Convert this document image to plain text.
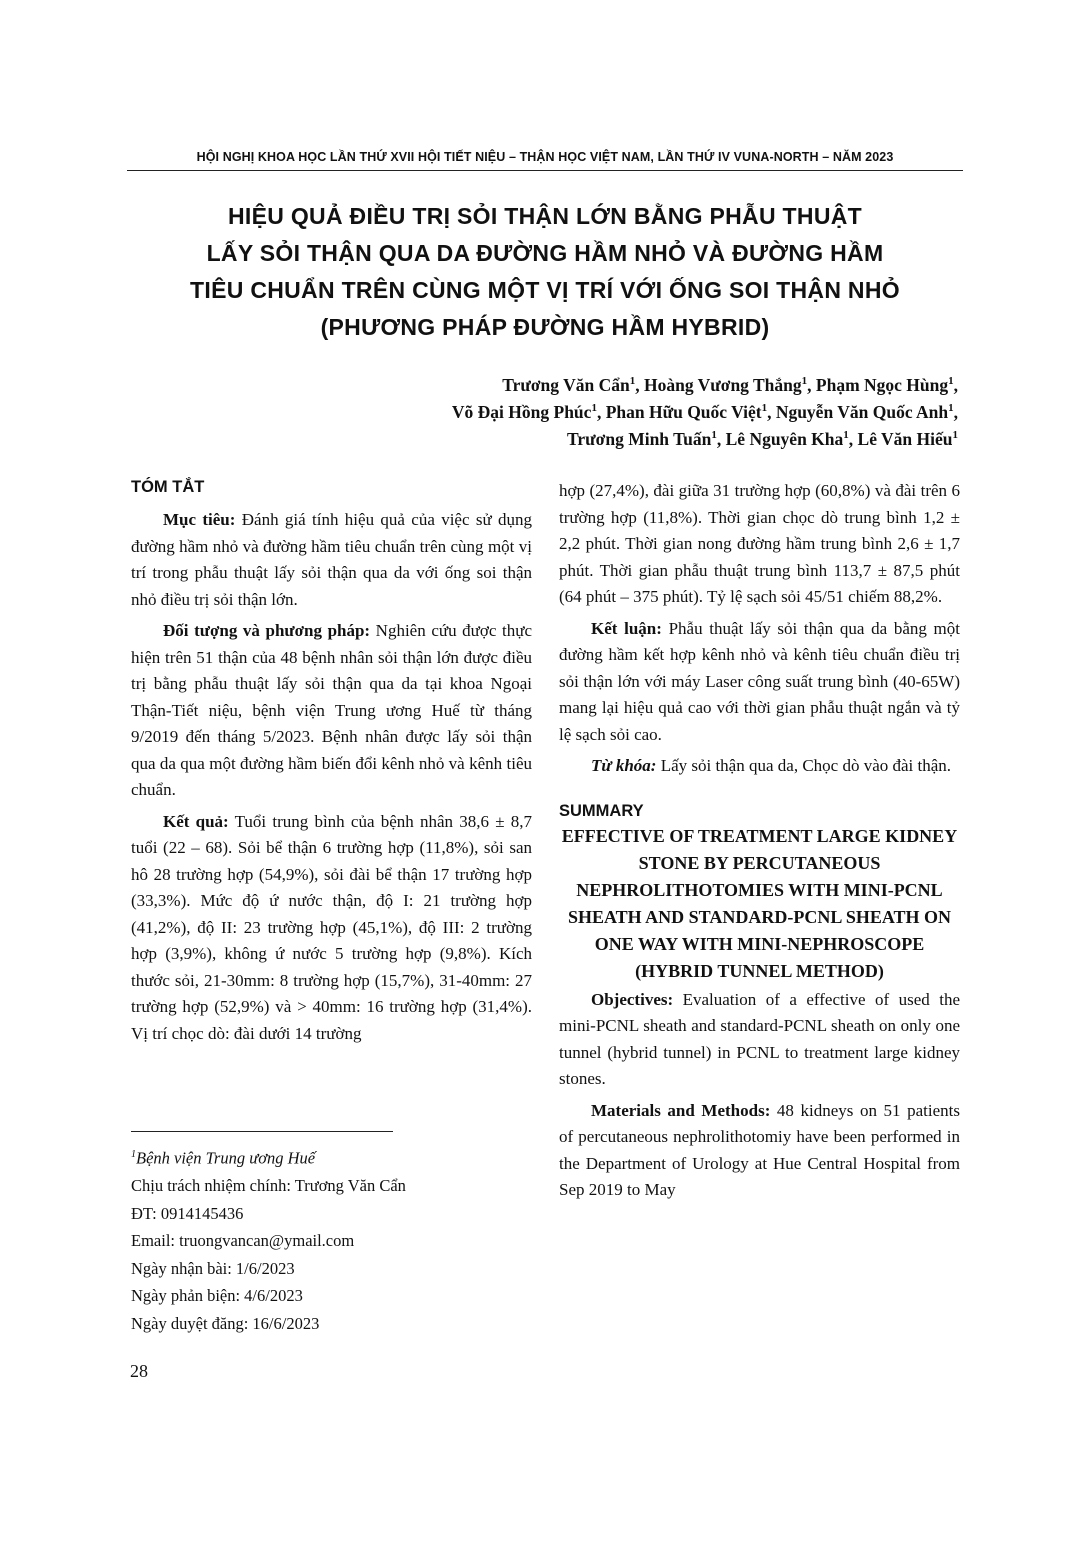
HỘI NGHỊ KHOA HỌC LẦN THỨ XVII HỘI TIẾT NIỆU – THẬN HỌC VIỆT NAM, LẦN THỨ IV VUNA-NORTH – NĂM 2023
HIỆU QUẢ ĐIỀU TRỊ SỎI THẬN LỚN BẰNG PHẪU THUẬT
LẤY SỎI THẬN QUA DA ĐƯỜNG HẦM NHỎ VÀ ĐƯỜNG HẦM
TIÊU CHUẨN TRÊN CÙNG MỘT VỊ TRÍ VỚI ỐNG SOI THẬN NHỎ
(PHƯƠNG PHÁP ĐƯỜNG HẦM HYBRID)
Trương Văn Cẩn$^1$, Hoàng Vương Thắng$^1$, Phạm Ngọc Hùng$^1$,
Võ Đại Hồng Phúc$^1$, Phan Hữu Quốc Việt$^1$, Nguyễn Văn Quốc Anh$^1$,
Trương Minh Tuấn$^1$, Lê Nguyên Kha$^1$, Lê Văn Hiếu$^1$

TÓM TẮT

Mục tiêu: Đánh giá tính hiệu quả của việc sử dụng đường hầm nhỏ và đường hầm tiêu chuẩn trên cùng một vị trí trong phẫu thuật lấy sỏi thận qua da với ống soi thận nhỏ điều trị sỏi thận lớn.

Đối tượng và phương pháp: Nghiên cứu được thực hiện trên 51 thận của 48 bệnh nhân sỏi thận lớn được điều trị bằng phẫu thuật lấy sỏi thận qua da tại khoa Ngoại Thận-Tiết niệu, bệnh viện Trung ương Huế từ tháng 9/2019 đến tháng 5/2023. Bệnh nhân được lấy sỏi thận qua da qua một đường hầm biến đổi kênh nhỏ và kênh tiêu chuẩn.

Kết quả: Tuổi trung bình của bệnh nhân 38,6 ± 8,7 tuổi (22 – 68). Sỏi bể thận 6 trường hợp (11,8%), sỏi san hô 28 trường hợp (54,9%), sỏi đài bể thận 17 trường hợp (33,3%). Mức độ ứ nước thận, độ I: 21 trường hợp (41,2%), độ II: 23 trường hợp (45,1%), độ III: 2 trường hợp (3,9%), không ứ nước 5 trường hợp (9,8%). Kích thước sỏi, 21-30mm: 8 trường hợp (15,7%), 31-40mm: 27 trường hợp (52,9%) và > 40mm: 16 trường hợp (31,4%). Vị trí chọc dò: đài dưới 14 trường

$^1$Bệnh viện Trung ương Huế
Chịu trách nhiệm chính: Trương Văn Cẩn
ĐT: 0914145436
Email: truongvancan@ymail.com
Ngày nhận bài: 1/6/2023
Ngày phản biện: 4/6/2023
Ngày duyệt đăng: 16/6/2023

hợp (27,4%), đài giữa 31 trường hợp (60,8%) và đài trên 6 trường hợp (11,8%). Thời gian chọc dò trung bình 1,2 ± 2,2 phút. Thời gian nong đường hầm trung bình 2,6 ± 1,7 phút. Thời gian phẫu thuật trung bình 113,7 ± 87,5 phút (64 phút – 375 phút). Tỷ lệ sạch sỏi 45/51 chiếm 88,2%.

Kết luận: Phẫu thuật lấy sỏi thận qua da bằng một đường hầm kết hợp kênh nhỏ và kênh tiêu chuẩn điều trị sỏi thận lớn với máy Laser công suất trung bình (40-65W) mang lại hiệu quả cao với thời gian phẫu thuật ngắn và tỷ lệ sạch sỏi cao.

Từ khóa: Lấy sỏi thận qua da, Chọc dò vào đài thận.

SUMMARY

EFFECTIVE OF TREATMENT LARGE KIDNEY STONE BY PERCUTANEOUS NEPHROLITHOTOMIES WITH MINI-PCNL SHEATH AND STANDARD-PCNL SHEATH ON ONE WAY WITH MINI-NEPHROSCOPE (HYBRID TUNNEL METHOD)

Objectives: Evaluation of a effective of used the mini-PCNL sheath and standard-PCNL sheath on only one tunnel (hybrid tunnel) in PCNL to treatment large kidney stones.

Materials and Methods: 48 kidneys on 51 patients of percutaneous nephrolithotomiy have been performed in the Department of Urology at Hue Central Hospital from Sep 2019 to May

28
